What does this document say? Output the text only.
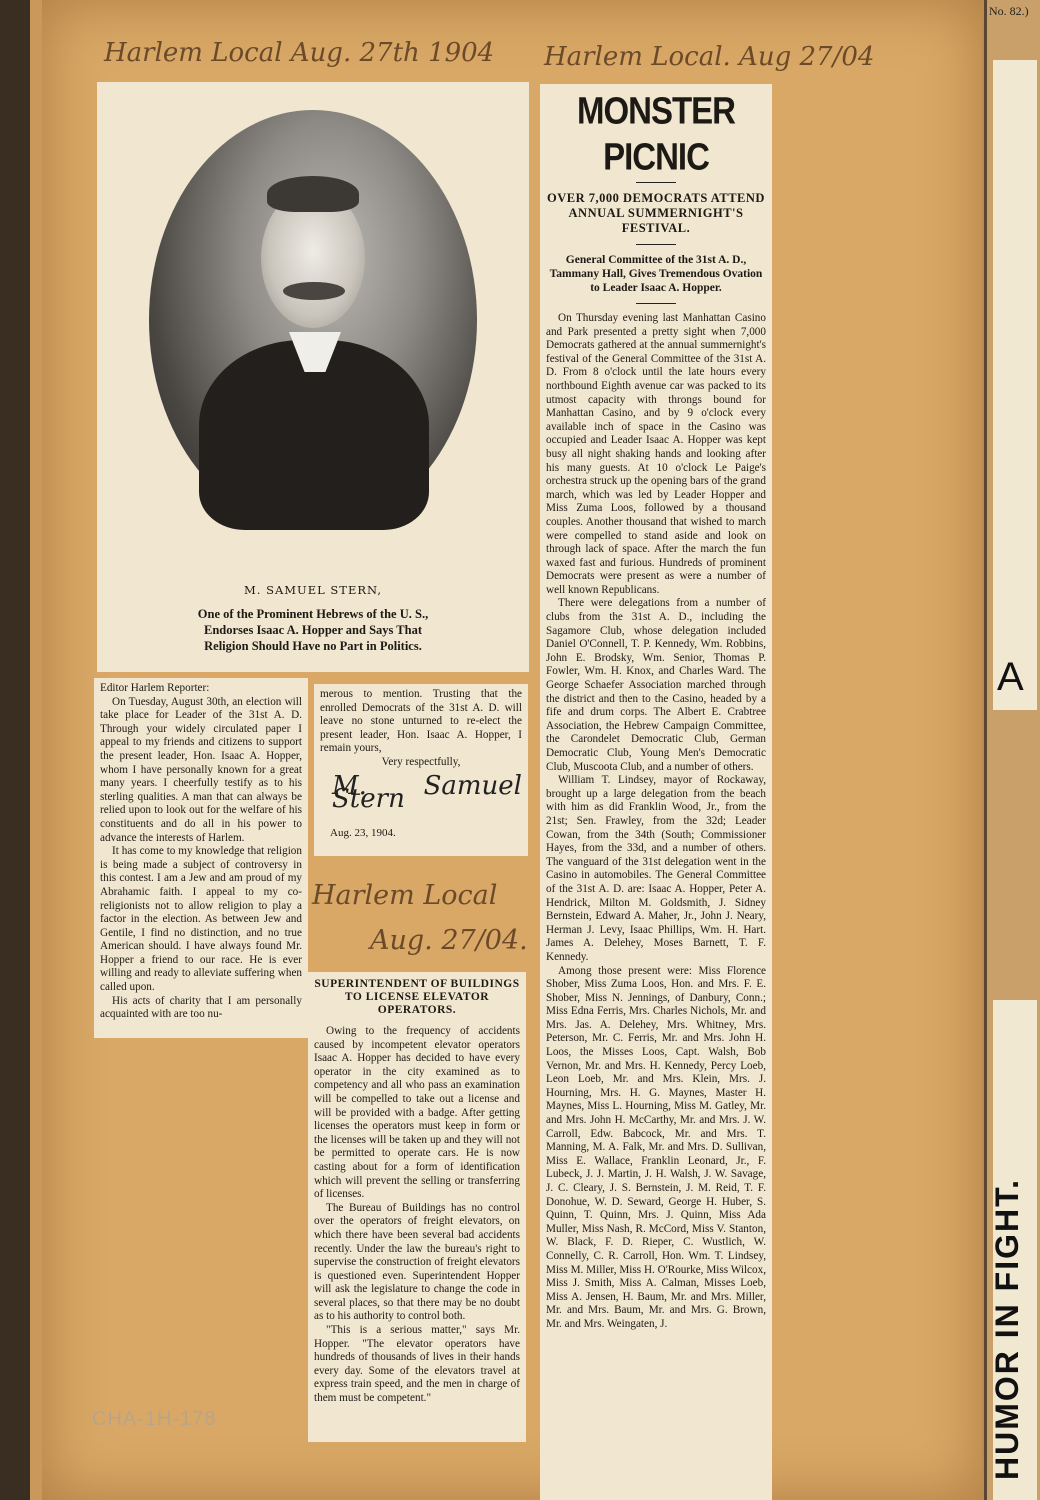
No. 82.)
A
HUMOR IN FIGHT.
Harlem Local Aug. 27th 1904 Harlem Local. Aug 27/04
M. SAMUEL STERN,
One of the Prominent Hebrews of the U. S., Endorses Isaac A. Hopper and Says That Religion Should Have no Part in Politics.
Editor Harlem Reporter:

On Tuesday, August 30th, an election will take place for Leader of the 31st A. D. Through your widely circulated paper I appeal to my friends and citizens to support the present leader, Hon. Isaac A. Hopper, whom I have personally known for a great many years. I cheerfully testify as to his sterling qualities. A man that can always be relied upon to look out for the welfare of his constituents and do all in his power to advance the interests of Harlem.

It has come to my knowledge that religion is being made a subject of controversy in this contest. I am a Jew and am proud of my Abrahamic faith. I appeal to my co-religionists not to allow religion to play a factor in the election. As between Jew and Gentile, I find no distinction, and no true American should. I have always found Mr. Hopper a friend to our race. He is ever willing and ready to alleviate suffering when called upon.

His acts of charity that I am personally acquainted with are too nu-

merous to mention. Trusting that the enrolled Democrats of the 31st A. D. will leave no stone unturned to re-elect the present leader, Hon. Isaac A. Hopper, I remain yours,
Very respectfully,
M. Samuel Stern
Aug. 23, 1904.
Harlem Local
Aug. 27/04.
SUPERINTENDENT OF BUILDINGS TO LICENSE ELEVATOR OPERATORS.

Owing to the frequency of accidents caused by incompetent elevator operators Isaac A. Hopper has decided to have every operator in the city examined as to competency and all who pass an examination will be compelled to take out a license and will be provided with a badge. After getting licenses the operators must keep in form or the licenses will be taken up and they will not be permitted to operate cars. He is now casting about for a form of identification which will prevent the selling or transferring of licenses.

The Bureau of Buildings has no control over the operators of freight elevators, on which there have been several bad accidents recently. Under the law the bureau's right to supervise the construction of freight elevators is questioned even. Superintendent Hopper will ask the legislature to change the code in several places, so that there may be no doubt as to his authority to control both.

"This is a serious matter," says Mr. Hopper. "The elevator operators have hundreds of thousands of lives in their hands every day. Some of the elevators travel at express train speed, and the men in charge of them must be competent."

MONSTER PICNIC
OVER 7,000 DEMOCRATS ATTEND ANNUAL SUMMERNIGHT'S FESTIVAL.
General Committee of the 31st A. D., Tammany Hall, Gives Tremendous Ovation to Leader Isaac A. Hopper.

On Thursday evening last Manhattan Casino and Park presented a pretty sight when 7,000 Democrats gathered at the annual summernight's festival of the General Committee of the 31st A. D. From 8 o'clock until the late hours every northbound Eighth avenue car was packed to its utmost capacity with throngs bound for Manhattan Casino, and by 9 o'clock every available inch of space in the Casino was occupied and Leader Isaac A. Hopper was kept busy all night shaking hands and looking after his many guests. At 10 o'clock Le Paige's orchestra struck up the opening bars of the grand march, which was led by Leader Hopper and Miss Zuma Loos, followed by a thousand couples. Another thousand that wished to march were compelled to stand aside and look on through lack of space. After the march the fun waxed fast and furious. Hundreds of prominent Democrats were present as were a number of well known Republicans.

There were delegations from a number of clubs from the 31st A. D., including the Sagamore Club, whose delegation included Daniel O'Connell, T. P. Kennedy, Wm. Robbins, John E. Brodsky, Wm. Senior, Thomas P. Fowler, Wm. H. Knox, and Charles Ward. The George Schaefer Association marched through the district and then to the Casino, headed by a fife and drum corps. The Albert E. Crabtree Association, the Hebrew Campaign Committee, the Carondelet Democratic Club, German Democratic Club, Young Men's Democratic Club, Muscoota Club, and a number of others.

William T. Lindsey, mayor of Rockaway, brought up a large delegation from the beach with him as did Franklin Wood, Jr., from the 21st; Sen. Frawley, from the 32d; Leader Cowan, from the 34th (South; Commissioner Hayes, from the 33d, and a number of others. The vanguard of the 31st delegation went in the Casino in automobiles. The General Committee of the 31st A. D. are: Isaac A. Hopper, Peter A. Hendrick, Milton M. Goldsmith, J. Sidney Bernstein, Edward A. Maher, Jr., John J. Neary, Herman J. Levy, Isaac Phillips, Wm. H. Hart. James A. Delehey, Moses Barnett, T. F. Kennedy.

Among those present were: Miss Florence Shober, Miss Zuma Loos, Hon. and Mrs. F. E. Shober, Miss N. Jennings, of Danbury, Conn.; Miss Edna Ferris, Mrs. Charles Nichols, Mr. and Mrs. Jas. A. Delehey, Mrs. Whitney, Mrs. Peterson, Mr. C. Ferris, Mr. and Mrs. John H. Loos, the Misses Loos, Capt. Walsh, Bob Vernon, Mr. and Mrs. H. Kennedy, Percy Loeb, Leon Loeb, Mr. and Mrs. Klein, Mrs. J. Hourning, Mrs. H. G. Maynes, Master H. Maynes, Miss L. Hourning, Miss M. Gatley, Mr. and Mrs. John H. McCarthy, Mr. and Mrs. J. W. Carroll, Edw. Babcock, Mr. and Mrs. T. Manning, M. A. Falk, Mr. and Mrs. D. Sullivan, Miss E. Wallace, Franklin Leonard, Jr., F. Lubeck, J. J. Martin, J. H. Walsh, J. W. Savage, J. C. Cleary, J. S. Bernstein, J. M. Reid, T. F. Donohue, W. D. Seward, George H. Huber, S. Quinn, T. Quinn, Mrs. J. Quinn, Miss Ada Muller, Miss Nash, R. McCord, Miss V. Stanton, W. Black, F. D. Rieper, C. Wustlich, W. Connelly, C. R. Carroll, Hon. Wm. T. Lindsey, Miss M. Miller, Miss H. O'Rourke, Miss Wilcox, Miss J. Smith, Miss A. Calman, Misses Loeb, Miss A. Jensen, H. Baum, Mr. and Mrs. Miller, Mr. and Mrs. Baum, Mr. and Mrs. G. Brown, Mr. and Mrs. Weingaten, J.

CHA-1H-178
